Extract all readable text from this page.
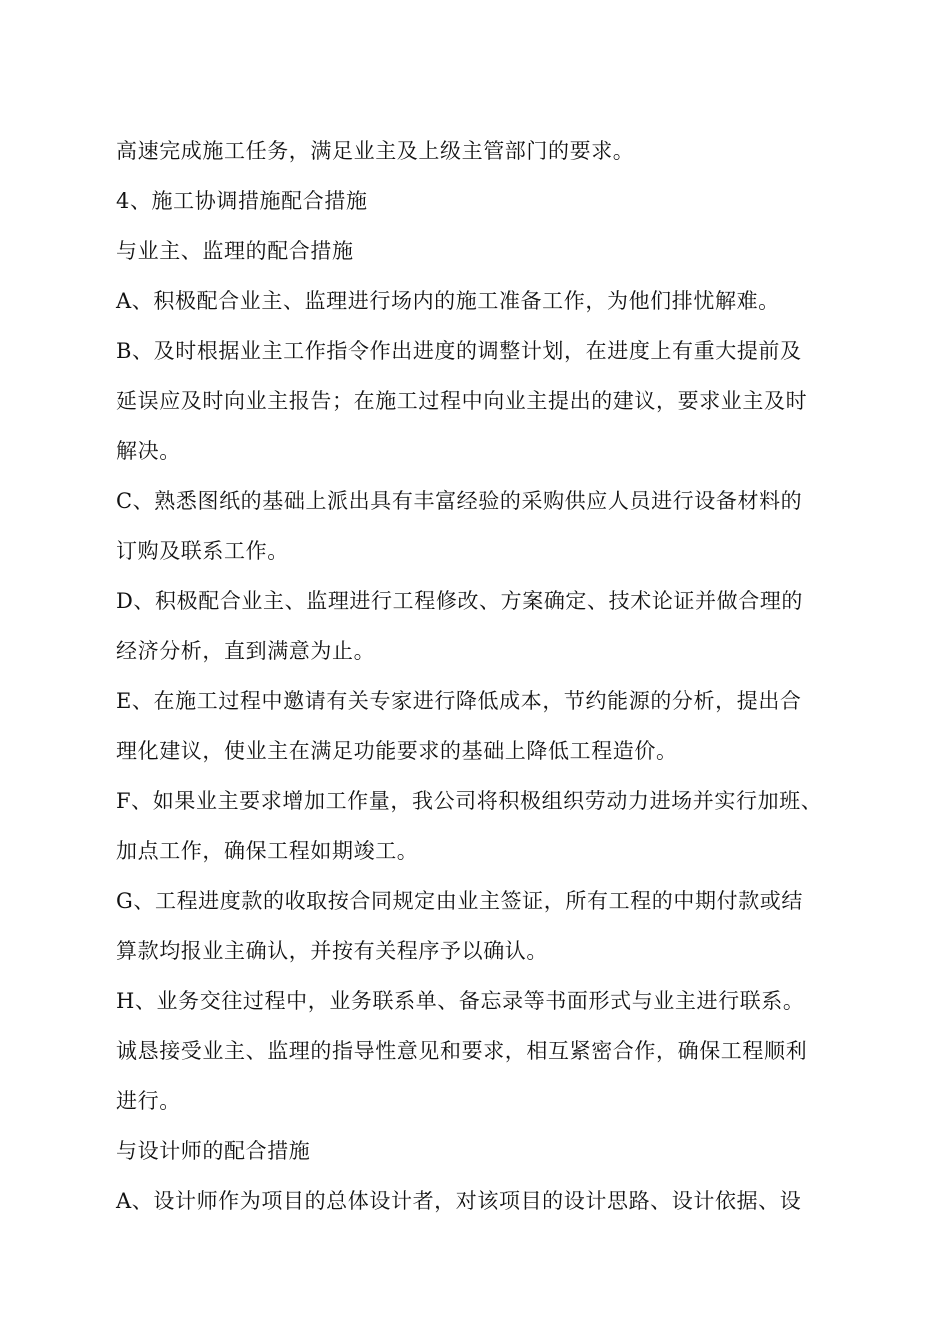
高速完成施工任务，满足业主及上级主管部门的要求。
4、施工协调措施配合措施
与业主、监理的配合措施
A、积极配合业主、监理进行场内的施工准备工作，为他们排忧解难。
B、及时根据业主工作指令作出进度的调整计划，在进度上有重大提前及
延误应及时向业主报告；在施工过程中向业主提出的建议，要求业主及时
解决。
C、熟悉图纸的基础上派出具有丰富经验的采购供应人员进行设备材料的
订购及联系工作。
D、积极配合业主、监理进行工程修改、方案确定、技术论证并做合理的
经济分析，直到满意为止。
E、在施工过程中邀请有关专家进行降低成本，节约能源的分析，提出合
理化建议，使业主在满足功能要求的基础上降低工程造价。
F、如果业主要求增加工作量，我公司将积极组织劳动力进场并实行加班、
加点工作，确保工程如期竣工。
G、工程进度款的收取按合同规定由业主签证，所有工程的中期付款或结
算款均报业主确认，并按有关程序予以确认。
H、业务交往过程中，业务联系单、备忘录等书面形式与业主进行联系。
诚恳接受业主、监理的指导性意见和要求，相互紧密合作，确保工程顺利
进行。
与设计师的配合措施
A、设计师作为项目的总体设计者，对该项目的设计思路、设计依据、设
